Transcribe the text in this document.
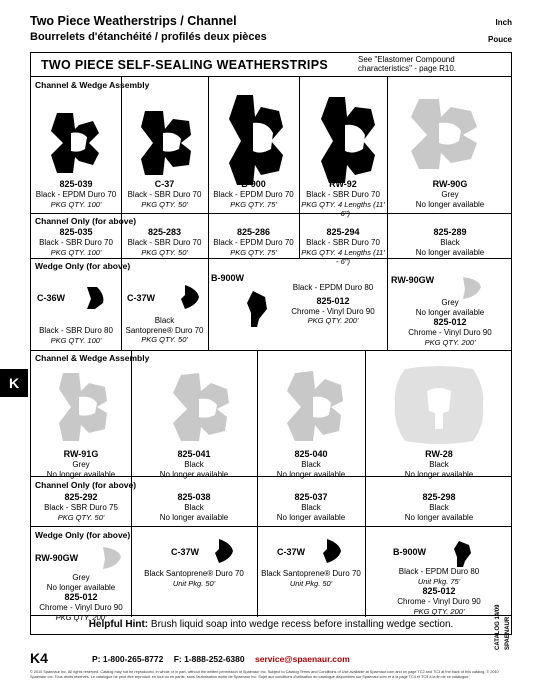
Two Piece Weatherstrips / Channel	Inch
Bourrelets d'étanchéité / profilés deux pièces	Pouce
K
TWO PIECE SELF-SEALING WEATHERSTRIPS	See "Elastomer Compound characteristics" - page R10.
Channel & Wedge Assembly
825-039
Black - EPDM Duro 70
PKG QTY. 100'
C-37
Black - SBR Duro 70
PKG QTY. 50'
B-900
Black - EPDM Duro 70
PKG QTY. 75'
RW-92
Black - SBR Duro 70
PKG QTY. 4 Lengths (11' - 6")
RW-90G
Grey
No longer available
Channel Only (for above)
825-035
Black - SBR Duro 70
PKG QTY. 100'
825-283
Black - SBR Duro 70
PKG QTY. 50'
825-286
Black - EPDM Duro 70
PKG QTY. 75'
825-294
Black - SBR Duro 70
PKG QTY. 4 Lengths (11' - 6")
825-289
Black
No longer available
Wedge Only (for above)
C-36W
Black - SBR Duro 80
PKG QTY. 100'
C-37W
Black
Santoprene® Duro 70
PKG QTY. 50'
B-900W
Black - EPDM Duro 80
825-012
Chrome - Vinyl Duro 90
PKG QTY. 200'
RW-90GW
Grey
No longer available
825-012
Chrome - Vinyl Duro 90
PKG QTY. 200'
Channel & Wedge Assembly
RW-91G
Grey
No longer available
825-041
Black
No longer available
825-040
Black
No longer available
RW-28
Black
No longer available
Channel Only (for above)
825-292
Black - SBR Duro 75
PKG QTY. 50'
825-038
Black
No longer available
825-037
Black
No longer available
825-298
Black
No longer available
Wedge Only (for above)
RW-90GW
Grey
No longer available
825-012
Chrome - Vinyl Duro 90
PKG QTY. 200'
C-37W
Black Santoprene® Duro 70
Unit Pkg. 50'
C-37W
Black Santoprene® Duro 70
Unit Pkg. 50'
B-900W
Black - EPDM Duro 80
Unit Pkg. 75'
825-012
Chrome - Vinyl Duro 90
PKG QTY. 200'
Helpful Hint: Brush liquid soap into wedge recess before installing wedge section.	CATALOG 14/09 SPAENAUR
K4	P: 1-800-265-8772 F: 1-888-252-6380 service@spaenaur.com
© 2010 Spaenaur Inc. All rights reserved. Catalog may not be reproduced, in whole or in part, without the written permission of Spaenaur Inc. Subject to Catalog Terms and Conditions of Use available at Spaenaur.com and on page TC2 and TC3 at the back of this catalog. © 2010 Spaenaur Inc. Tous droits réservés. Le catalogue ne peut être reproduit, en tout ou en partie, sans l'autorisation écrite de Spaenaur Inc. Sujet aux conditions d'utilisation du catalogue disponibles sur Spaenaur.com et à la page TC4 et TC5 à la fin de ce catalogue.
